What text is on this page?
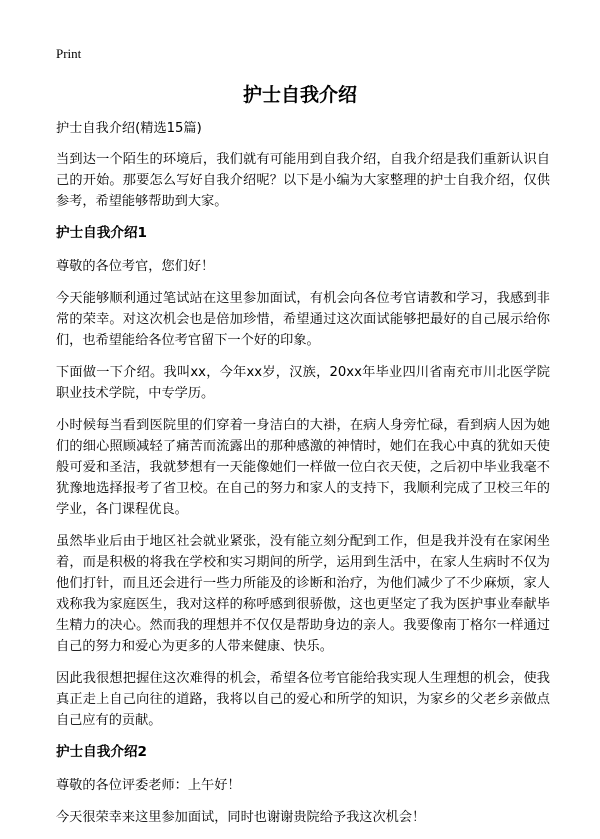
Print
护士自我介绍

护士自我介绍(精选15篇)

当到达一个陌生的环境后，我们就有可能用到自我介绍，自我介绍是我们重新认识自己的开始。那要怎么写好自我介绍呢？以下是小编为大家整理的护士自我介绍，仅供参考，希望能够帮助到大家。

护士自我介绍1

尊敬的各位考官，您们好！

今天能够顺利通过笔试站在这里参加面试，有机会向各位考官请教和学习，我感到非常的荣幸。对这次机会也是倍加珍惜，希望通过这次面试能够把最好的自己展示给你们，也希望能给各位考官留下一个好的印象。

下面做一下介绍。我叫xx，今年xx岁，汉族，20xx年毕业四川省南充市川北医学院职业技术学院，中专学历。

小时候每当看到医院里的们穿着一身洁白的大褂，在病人身旁忙碌，看到病人因为她们的细心照顾减轻了痛苦而流露出的那种感激的神情时，她们在我心中真的犹如天使般可爱和圣洁，我就梦想有一天能像她们一样做一位白衣天使，之后初中毕业我毫不犹豫地选择报考了省卫校。在自己的努力和家人的支持下，我顺利完成了卫校三年的学业，各门课程优良。

虽然毕业后由于地区社会就业紧张，没有能立刻分配到工作，但是我并没有在家闲坐着，而是积极的将我在学校和实习期间的所学，运用到生活中，在家人生病时不仅为他们打针，而且还会进行一些力所能及的诊断和治疗，为他们减少了不少麻烦，家人戏称我为家庭医生，我对这样的称呼感到很骄傲，这也更坚定了我为医护事业奉献毕生精力的决心。然而我的理想并不仅仅是帮助身边的亲人。我要像南丁格尔一样通过自己的努力和爱心为更多的人带来健康、快乐。

因此我很想把握住这次难得的机会，希望各位考官能给我实现人生理想的机会，使我真正走上自己向往的道路，我将以自己的爱心和所学的知识，为家乡的父老乡亲做点自己应有的贡献。

护士自我介绍2

尊敬的各位评委老师：上午好！

今天很荣幸来这里参加面试，同时也谢谢贵院给予我这次机会！
